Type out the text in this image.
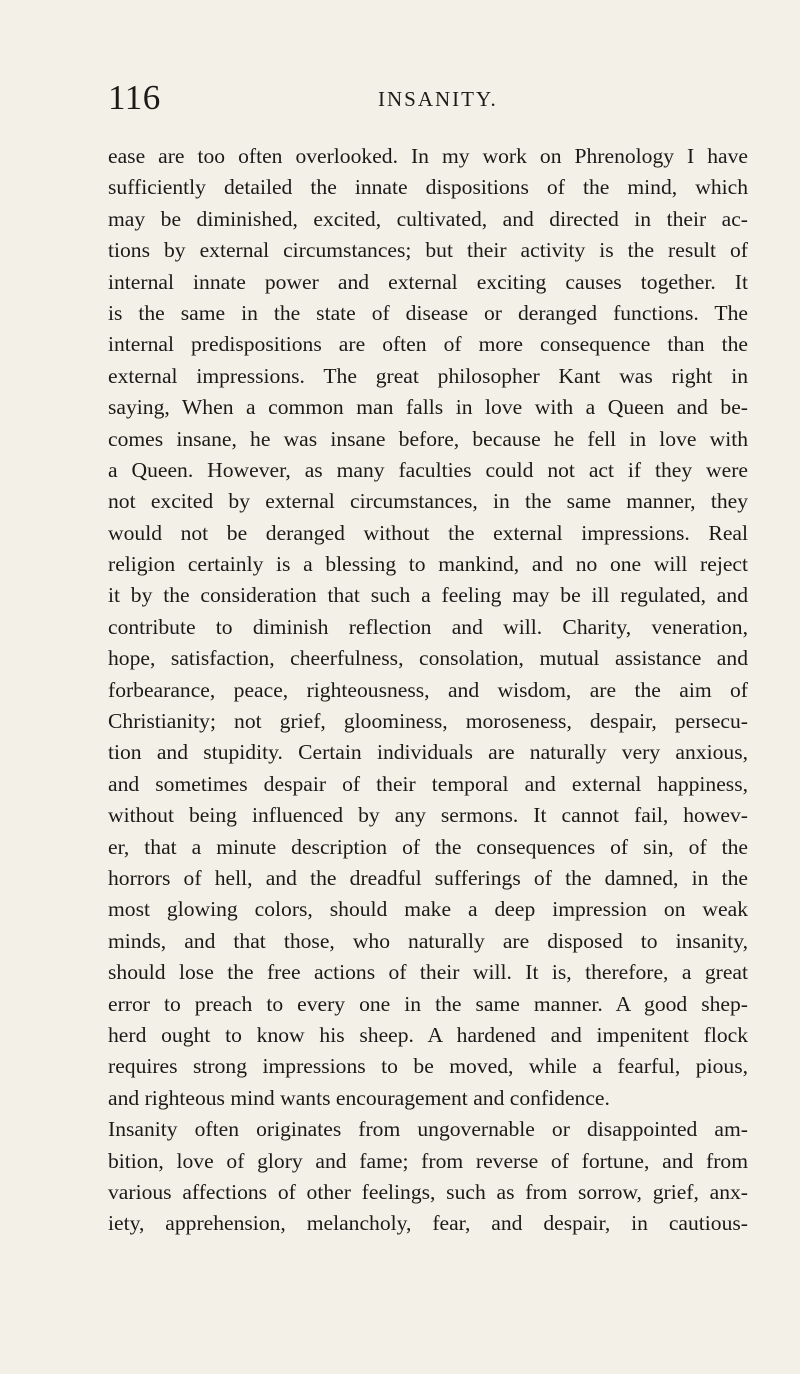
116	INSANITY.
ease are too often overlooked. In my work on Phrenology I have
sufficiently detailed the innate dispositions of the mind, which
may be diminished, excited, cultivated, and directed in their ac-
tions by external circumstances; but their activity is the result of
internal innate power and external exciting causes together. It
is the same in the state of disease or deranged functions. The
internal predispositions are often of more consequence than the
external impressions. The great philosopher Kant was right in
saying, When a common man falls in love with a Queen and be-
comes insane, he was insane before, because he fell in love with
a Queen. However, as many faculties could not act if they were
not excited by external circumstances, in the same manner, they
would not be deranged without the external impressions. Real
religion certainly is a blessing to mankind, and no one will reject
it by the consideration that such a feeling may be ill regulated, and
contribute to diminish reflection and will. Charity, veneration,
hope, satisfaction, cheerfulness, consolation, mutual assistance and
forbearance, peace, righteousness, and wisdom, are the aim of
Christianity; not grief, gloominess, moroseness, despair, persecu-
tion and stupidity. Certain individuals are naturally very anxious,
and sometimes despair of their temporal and external happiness,
without being influenced by any sermons. It cannot fail, howev-
er, that a minute description of the consequences of sin, of the
horrors of hell, and the dreadful sufferings of the damned, in the
most glowing colors, should make a deep impression on weak
minds, and that those, who naturally are disposed to insanity,
should lose the free actions of their will. It is, therefore, a great
error to preach to every one in the same manner. A good shep-
herd ought to know his sheep. A hardened and impenitent flock
requires strong impressions to be moved, while a fearful, pious,
and righteous mind wants encouragement and confidence.
Insanity often originates from ungovernable or disappointed am-
bition, love of glory and fame; from reverse of fortune, and from
various affections of other feelings, such as from sorrow, grief, anx-
iety, apprehension, melancholy, fear, and despair, in cautious-
